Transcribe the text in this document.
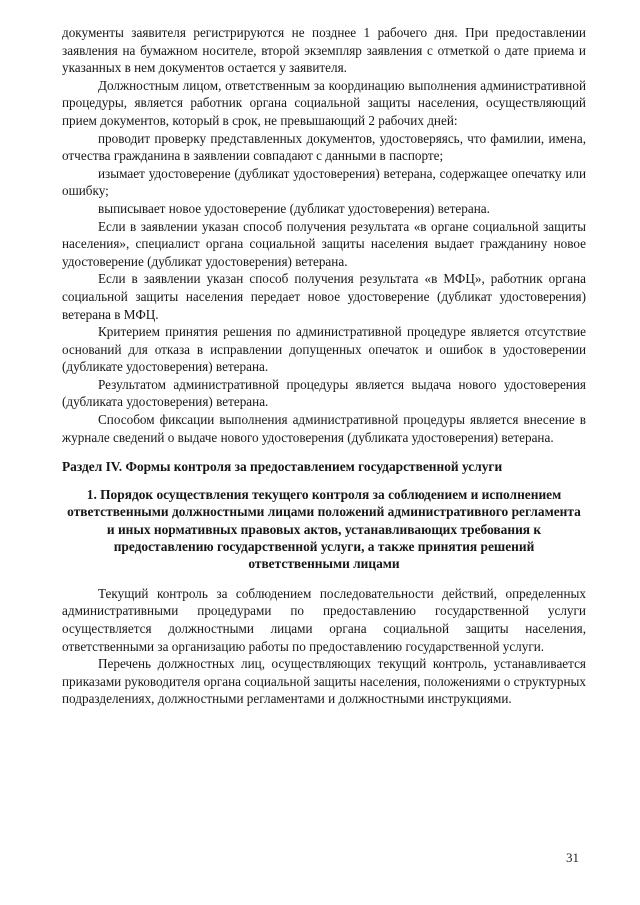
документы заявителя регистрируются не позднее 1 рабочего дня. При предоставлении заявления на бумажном носителе, второй экземпляр заявления с отметкой о дате приема и указанных в нем документов остается у заявителя.

Должностным лицом, ответственным за координацию выполнения административной процедуры, является работник органа социальной защиты населения, осуществляющий прием документов, который в срок, не превышающий 2 рабочих дней:

проводит проверку представленных документов, удостоверяясь, что фамилии, имена, отчества гражданина в заявлении совпадают с данными в паспорте;

изымает удостоверение (дубликат удостоверения) ветерана, содержащее опечатку или ошибку;

выписывает новое удостоверение (дубликат удостоверения) ветерана.

Если в заявлении указан способ получения результата «в органе социальной защиты населения», специалист органа социальной защиты населения выдает гражданину новое удостоверение (дубликат удостоверения) ветерана.

Если в заявлении указан способ получения результата «в МФЦ», работник органа социальной защиты населения передает новое удостоверение (дубликат удостоверения) ветерана в МФЦ.

Критерием принятия решения по административной процедуре является отсутствие оснований для отказа в исправлении допущенных опечаток и ошибок в удостоверении (дубликате удостоверения) ветерана.

Результатом административной процедуры является выдача нового удостоверения (дубликата удостоверения) ветерана.

Способом фиксации выполнения административной процедуры является внесение в журнале сведений о выдаче нового удостоверения (дубликата удостоверения) ветерана.

Раздел IV. Формы контроля за предоставлением государственной услуги

1. Порядок осуществления текущего контроля за соблюдением и исполнением ответственными должностными лицами положений административного регламента и иных нормативных правовых актов, устанавливающих требования к предоставлению государственной услуги, а также принятия решений ответственными лицами

Текущий контроль за соблюдением последовательности действий, определенных административными процедурами по предоставлению государственной услуги осуществляется должностными лицами органа социальной защиты населения, ответственными за организацию работы по предоставлению государственной услуги.

Перечень должностных лиц, осуществляющих текущий контроль, устанавливается приказами руководителя органа социальной защиты населения, положениями о структурных подразделениях, должностными регламентами и должностными инструкциями.

31
